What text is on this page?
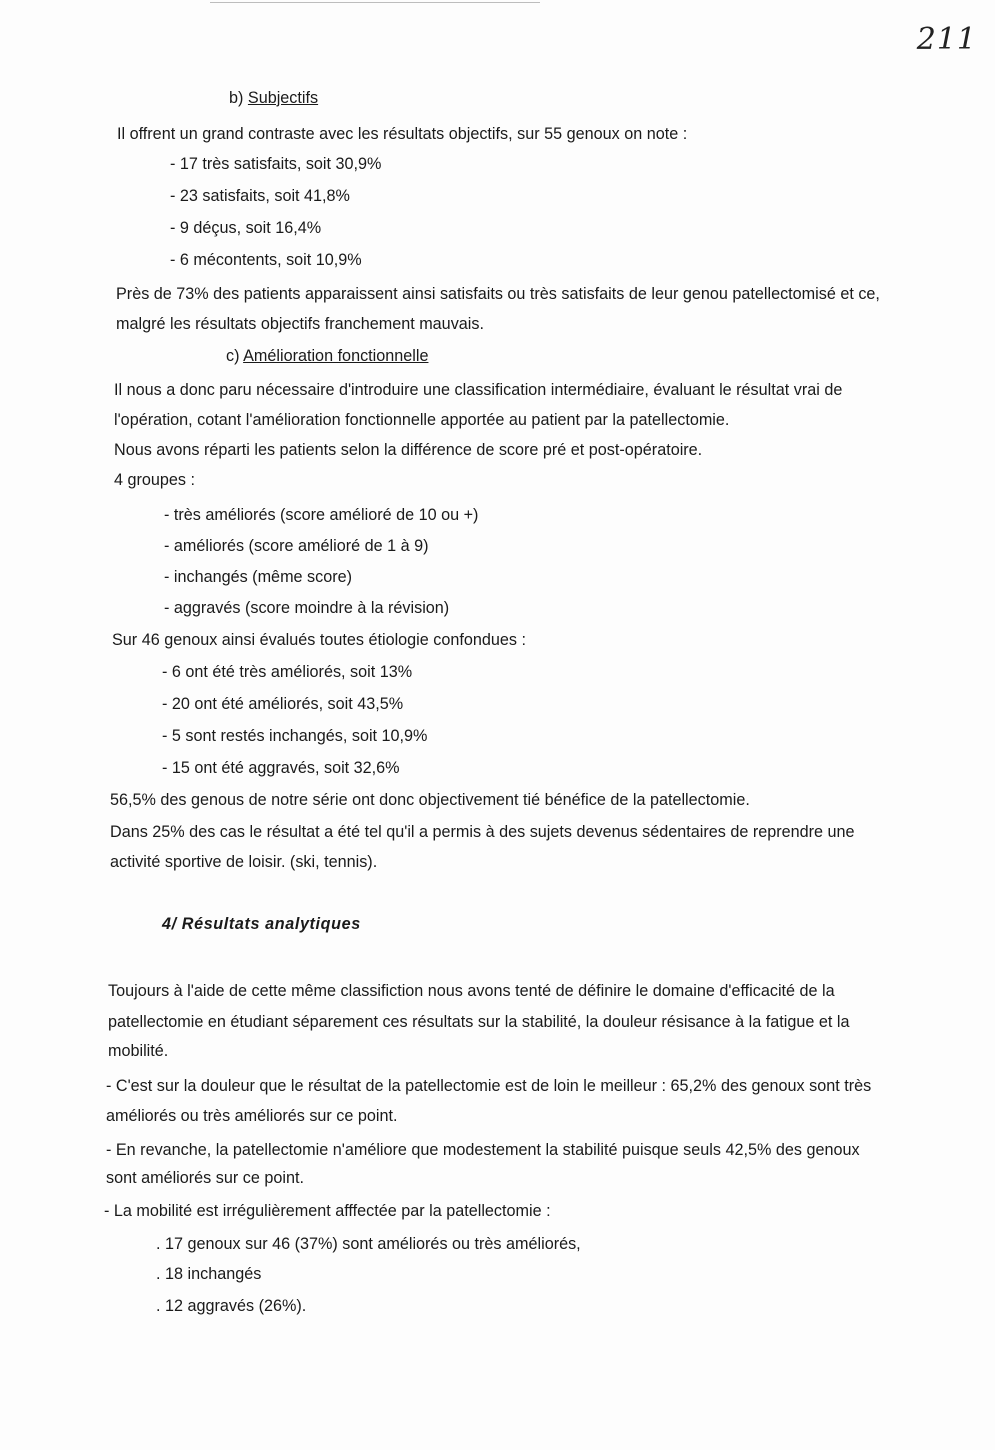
211
b) Subjectifs
Il offrent un grand contraste avec les résultats objectifs, sur 55 genoux on note :
- 17 très satisfaits, soit 30,9%
- 23 satisfaits, soit 41,8%
- 9 déçus, soit 16,4%
- 6 mécontents, soit 10,9%
Près de 73% des patients apparaissent ainsi satisfaits ou très satisfaits de leur genou patellectomisé et ce,
malgré les résultats objectifs franchement mauvais.
c) Amélioration fonctionnelle
Il nous a donc paru nécessaire d'introduire une classification intermédiaire, évaluant le résultat vrai de
l'opération, cotant l'amélioration fonctionnelle apportée au patient par la patellectomie.
Nous avons réparti les patients selon la différence de score pré et post-opératoire.
4 groupes :
- très améliorés (score amélioré de 10 ou +)
- améliorés (score amélioré de 1 à 9)
- inchangés (même score)
- aggravés (score moindre à la révision)
Sur 46 genoux ainsi évalués toutes étiologie confondues :
- 6 ont été très améliorés, soit 13%
- 20 ont été améliorés, soit 43,5%
- 5 sont restés inchangés, soit 10,9%
- 15 ont été aggravés, soit 32,6%
56,5% des genous de notre série ont donc objectivement tié bénéfice de la patellectomie.
Dans 25% des cas le résultat a été tel qu'il a permis à des sujets devenus sédentaires de reprendre une
activité sportive de loisir. (ski, tennis).
4/ Résultats analytiques
Toujours à l'aide de cette même classifiction nous avons tenté de définire le domaine d'efficacité de la
patellectomie en étudiant séparement ces résultats sur la stabilité, la douleur résisance à la fatigue et la
mobilité.
- C'est sur la douleur que le résultat de la patellectomie est de loin le meilleur : 65,2% des genoux sont très
améliorés ou très améliorés sur ce point.
- En revanche, la patellectomie n'améliore que modestement la stabilité puisque seuls 42,5% des genoux
sont améliorés sur ce point.
- La mobilité est irrégulièrement afffectée par la patellectomie :
. 17 genoux sur 46 (37%) sont améliorés ou très améliorés,
. 18 inchangés
. 12 aggravés (26%).
